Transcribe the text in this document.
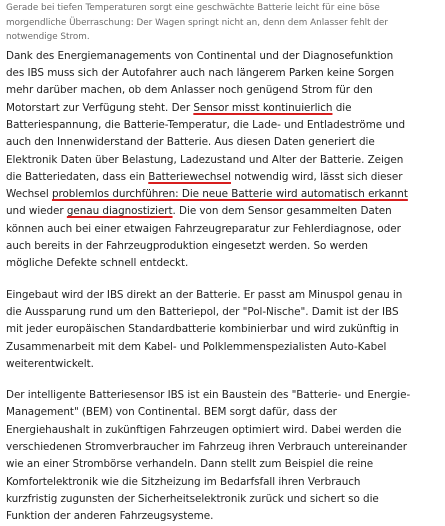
Gerade bei tiefen Temperaturen sorgt eine geschwächte Batterie leicht für eine böse
morgendliche Überraschung: Der Wagen springt nicht an, denn dem Anlasser fehlt der
notwendige Strom.

Dank des Energiemanagements von Continental und der Diagnosefunktion
des IBS muss sich der Autofahrer auch nach längerem Parken keine Sorgen
mehr darüber machen, ob dem Anlasser noch genügend Strom für den
Motorstart zur Verfügung steht. Der Sensor misst kontinuierlich die
Batteriespannung, die Batterie-Temperatur, die Lade- und Entladeströme und
auch den Innenwiderstand der Batterie. Aus diesen Daten generiert die
Elektronik Daten über Belastung, Ladezustand und Alter der Batterie. Zeigen
die Batteriedaten, dass ein Batteriewechsel notwendig wird, lässt sich dieser
Wechsel problemlos durchführen: Die neue Batterie wird automatisch erkannt
und wieder genau diagnostiziert. Die von dem Sensor gesammelten Daten
können auch bei einer etwaigen Fahrzeugreparatur zur Fehlerdiagnose, oder
auch bereits in der Fahrzeugproduktion eingesetzt werden. So werden
mögliche Defekte schnell entdeckt.

Eingebaut wird der IBS direkt an der Batterie. Er passt am Minuspol genau in
die Aussparung rund um den Batteriepol, der "Pol-Nische". Damit ist der IBS
mit jeder europäischen Standardbatterie kombinierbar und wird zukünftig in
Zusammenarbeit mit dem Kabel- und Polklemmenspezialisten Auto-Kabel
weiterentwickelt.

Der intelligente Batteriesensor IBS ist ein Baustein des "Batterie- und Energie-
Management" (BEM) von Continental. BEM sorgt dafür, dass der
Energiehaushalt in zukünftigen Fahrzeugen optimiert wird. Dabei werden die
verschiedenen Stromverbraucher im Fahrzeug ihren Verbrauch untereinander
wie an einer Strombörse verhandeln. Dann stellt zum Beispiel die reine
Komfortelektronik wie die Sitzheizung im Bedarfsfall ihren Verbrauch
kurzfristig zugunsten der Sicherheitselektronik zurück und sichert so die
Funktion der anderen Fahrzeugsysteme.
